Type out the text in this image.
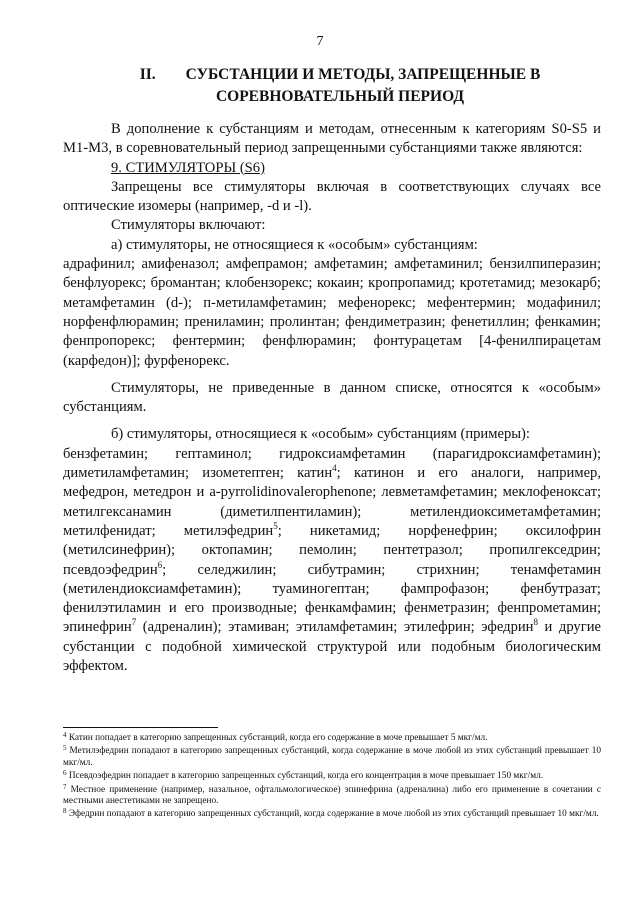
7
II. СУБСТАНЦИИ И МЕТОДЫ, ЗАПРЕЩЕННЫЕ В
СОРЕВНОВАТЕЛЬНЫЙ ПЕРИОД

В дополнение к субстанциям и методам, отнесенным к категориям S0-S5 и M1-M3, в соревновательный период запрещенными субстанциями также являются:

9. СТИМУЛЯТОРЫ (S6)

Запрещены все стимуляторы включая в соответствующих случаях все оптические изомеры (например, -d и -l).

Стимуляторы включают:

а) стимуляторы, не относящиеся к «особым» субстанциям:

адрафинил; амифеназол; амфепрамон; амфетамин; амфетаминил; бензилпиперазин; бенфлуорекс; бромантан; клобензорекс; кокаин; кропропамид; кротетамид; мезокарб; метамфетамин (d-); п-метиламфетамин; мефенорекс; мефентермин; модафинил; норфенфлюрамин; прениламин; пролинтан; фендиметразин; фенетиллин; фенкамин; фенпропорекс; фентермин; фенфлюрамин; фонтурацетам [4-фенилпирацетам (карфедон)]; фурфенорекс.

Стимуляторы, не приведенные в данном списке, относятся к «особым» субстанциям.

б) стимуляторы, относящиеся к «особым» субстанциям (примеры):

бензфетамин; гептаминол; гидроксиамфетамин (парагидроксиамфетамин); диметиламфетамин; изометептен; катин$^4$; катинон и его аналоги, например, мефедрон, метедрон и a-pyrrolidinovalerophenone; левметамфетамин; меклофеноксат; метилгексанамин (диметилпентиламин); метилендиоксиметамфетамин; метилфенидат; метилэфедрин$^5$; никетамид; норфенефрин; оксилофрин (метилсинефрин); октопамин; пемолин; пентетразол; пропилгекседрин; псевдоэфедрин$^6$; селеджилин; сибутрамин; стрихнин; тенамфетамин (метилендиоксиамфетамин); туаминогептан; фампрофазон; фенбутразат; фенилэтиламин и его производные; фенкамфамин; фенметразин; фенпрометамин; эпинефрин$^7$ (адреналин); этамиван; этиламфетамин; этилефрин; эфедрин$^8$ и другие субстанции с подобной химической структурой или подобным биологическим эффектом.

$^4$ Катин попадает в категорию запрещенных субстанций, когда его содержание в моче превышает 5 мкг/мл.

$^5$ Метилэфедрин попадают в категорию запрещенных субстанций, когда содержание в моче любой из этих субстанций превышает 10 мкг/мл.

$^6$ Псевдоэфедрин попадает в категорию запрещенных субстанций, когда его концентрация в моче превышает 150 мкг/мл.

$^7$ Местное применение (например, назальное, офтальмологическое) эпинефрина (адреналина) либо его применение в сочетании с местными анестетиками не запрещено.

$^8$ Эфедрин попадают в категорию запрещенных субстанций, когда содержание в моче любой из этих субстанций превышает 10 мкг/мл.
